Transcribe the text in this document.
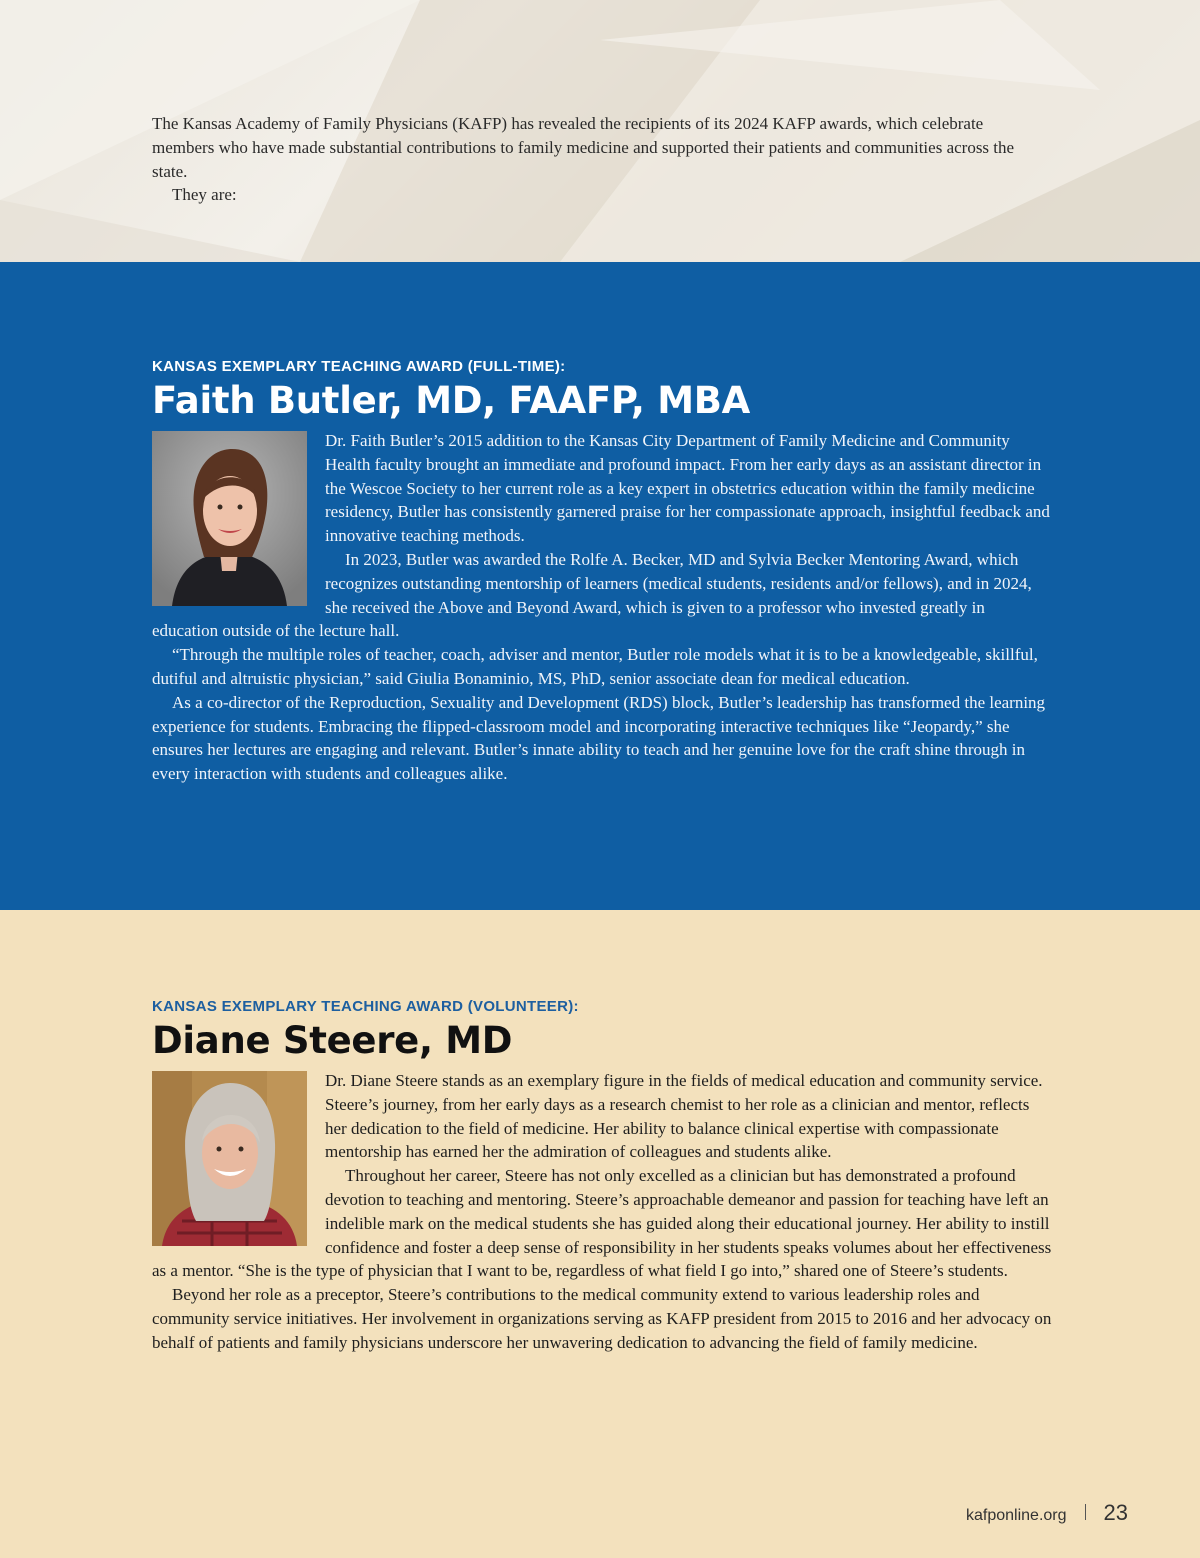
The Kansas Academy of Family Physicians (KAFP) has revealed the recipients of its 2024 KAFP awards, which celebrate members who have made substantial contributions to family medicine and supported their patients and communities across the state.

They are:

KANSAS EXEMPLARY TEACHING AWARD (FULL-TIME):

Faith Butler, MD, FAAFP, MBA

Dr. Faith Butler’s 2015 addition to the Kansas City Department of Family Medicine and Community Health faculty brought an immediate and profound impact. From her early days as an assistant director in the Wescoe Society to her current role as a key expert in obstetrics education within the family medicine residency, Butler has consistently garnered praise for her compassionate approach, insightful feedback and innovative teaching methods.

In 2023, Butler was awarded the Rolfe A. Becker, MD and Sylvia Becker Mentoring Award, which recognizes outstanding mentorship of learners (medical students, residents and/or fellows), and in 2024, she received the Above and Beyond Award, which is given to a professor who invested greatly in education outside of the lecture hall.

“Through the multiple roles of teacher, coach, adviser and mentor, Butler role models what it is to be a knowledgeable, skillful, dutiful and altruistic physician,” said Giulia Bonaminio, MS, PhD, senior associate dean for medical education.

As a co-director of the Reproduction, Sexuality and Development (RDS) block, Butler’s leadership has transformed the learning experience for students. Embracing the flipped-classroom model and incorporating interactive techniques like “Jeopardy,” she ensures her lectures are engaging and relevant. Butler’s innate ability to teach and her genuine love for the craft shine through in every interaction with students and colleagues alike.

KANSAS EXEMPLARY TEACHING AWARD (VOLUNTEER):

Diane Steere, MD

Dr. Diane Steere stands as an exemplary figure in the fields of medical education and community service. Steere’s journey, from her early days as a research chemist to her role as a clinician and mentor, reflects her dedication to the field of medicine. Her ability to balance clinical expertise with compassionate mentorship has earned her the admiration of colleagues and students alike.

Throughout her career, Steere has not only excelled as a clinician but has demonstrated a profound devotion to teaching and mentoring. Steere’s approachable demeanor and passion for teaching have left an indelible mark on the medical students she has guided along their educational journey. Her ability to instill confidence and foster a deep sense of responsibility in her students speaks volumes about her effectiveness as a mentor. “She is the type of physician that I want to be, regardless of what field I go into,” shared one of Steere’s students.

Beyond her role as a preceptor, Steere’s contributions to the medical community extend to various leadership roles and community service initiatives. Her involvement in organizations serving as KAFP president from 2015 to 2016 and her advocacy on behalf of patients and family physicians underscore her unwavering dedication to advancing the field of family medicine.

kafponline.org 23
